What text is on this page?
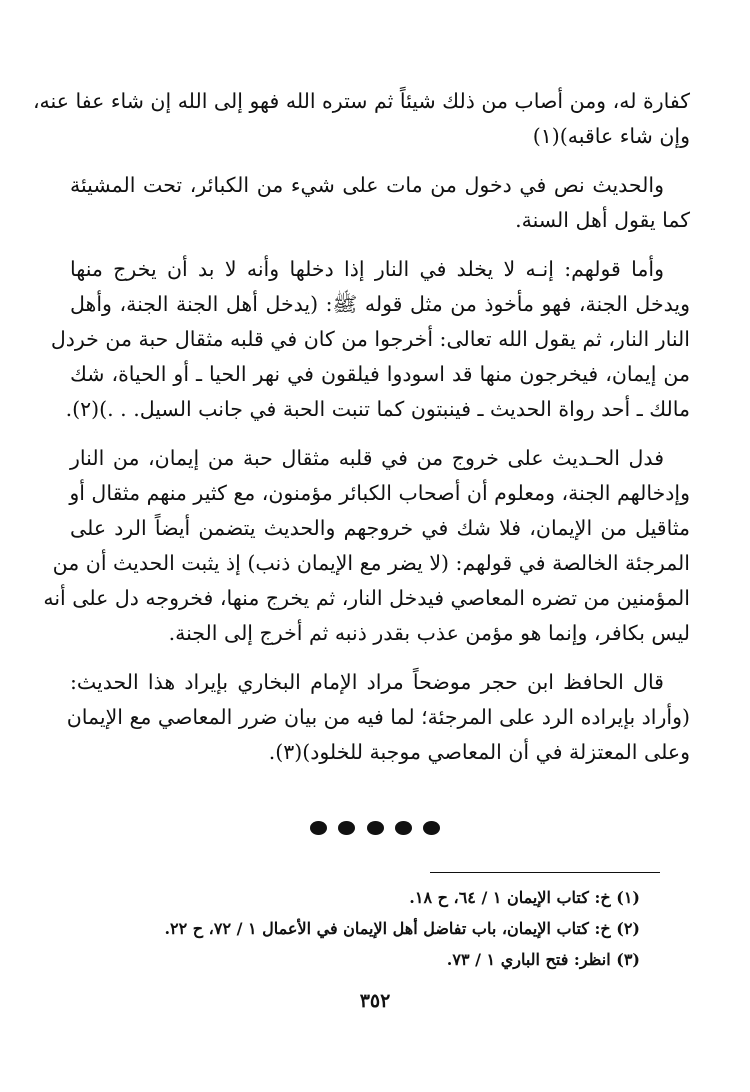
كفارة له، ومن أصاب من ذلك شيئاً ثم ستره الله فهو إلى الله إن شاء عفا عنه،
وإن شاء عاقبه)(١)
والحديث نص في دخول من مات على شيء من الكبائر، تحت المشيئة
كما يقول أهل السنة.
وأما قولهم: إنـه لا يخلد في النار إذا دخلها وأنه لا بد أن يخرج منها
ويدخل الجنة، فهو مأخوذ من مثل قوله ﷺ: (يدخل أهل الجنة الجنة، وأهل
النار النار، ثم يقول الله تعالى: أخرجوا من كان في قلبه مثقال حبة من خردل
من إيمان، فيخرجون منها قد اسودوا فيلقون في نهر الحيا ـ أو الحياة، شك
مالك ـ أحد رواة الحديث ـ فينبتون كما تنبت الحبة في جانب السيل. . .)(٢).
فدل الحـديث على خروج من في قلبه مثقال حبة من إيمان، من النار
وإدخالهم الجنة، ومعلوم أن أصحاب الكبائر مؤمنون، مع كثير منهم مثقال أو
مثاقيل من الإيمان، فلا شك في خروجهم والحديث يتضمن أيضاً الرد على
المرجئة الخالصة في قولهم: (لا يضر مع الإيمان ذنب) إذ يثبت الحديث أن من
المؤمنين من تضره المعاصي فيدخل النار، ثم يخرج منها، فخروجه دل على أنه
ليس بكافر، وإنما هو مؤمن عذب بقدر ذنبه ثم أخرج إلى الجنة.
قال الحافظ ابن حجر موضحاً مراد الإمام البخاري بإيراد هذا الحديث:
(وأراد بإيراده الرد على المرجئة؛ لما فيه من بيان ضرر المعاصي مع الإيمان
وعلى المعتزلة في أن المعاصي موجبة للخلود)(٣).

(١) خ: كتاب الإيمان ١ / ٦٤، ح ١٨.
(٢) خ: كتاب الإيمان، باب تفاضل أهل الإيمان في الأعمال ١ / ٧٢، ح ٢٢.
(٣) انظر: فتح الباري ١ / ٧٣.
٣٥٢
